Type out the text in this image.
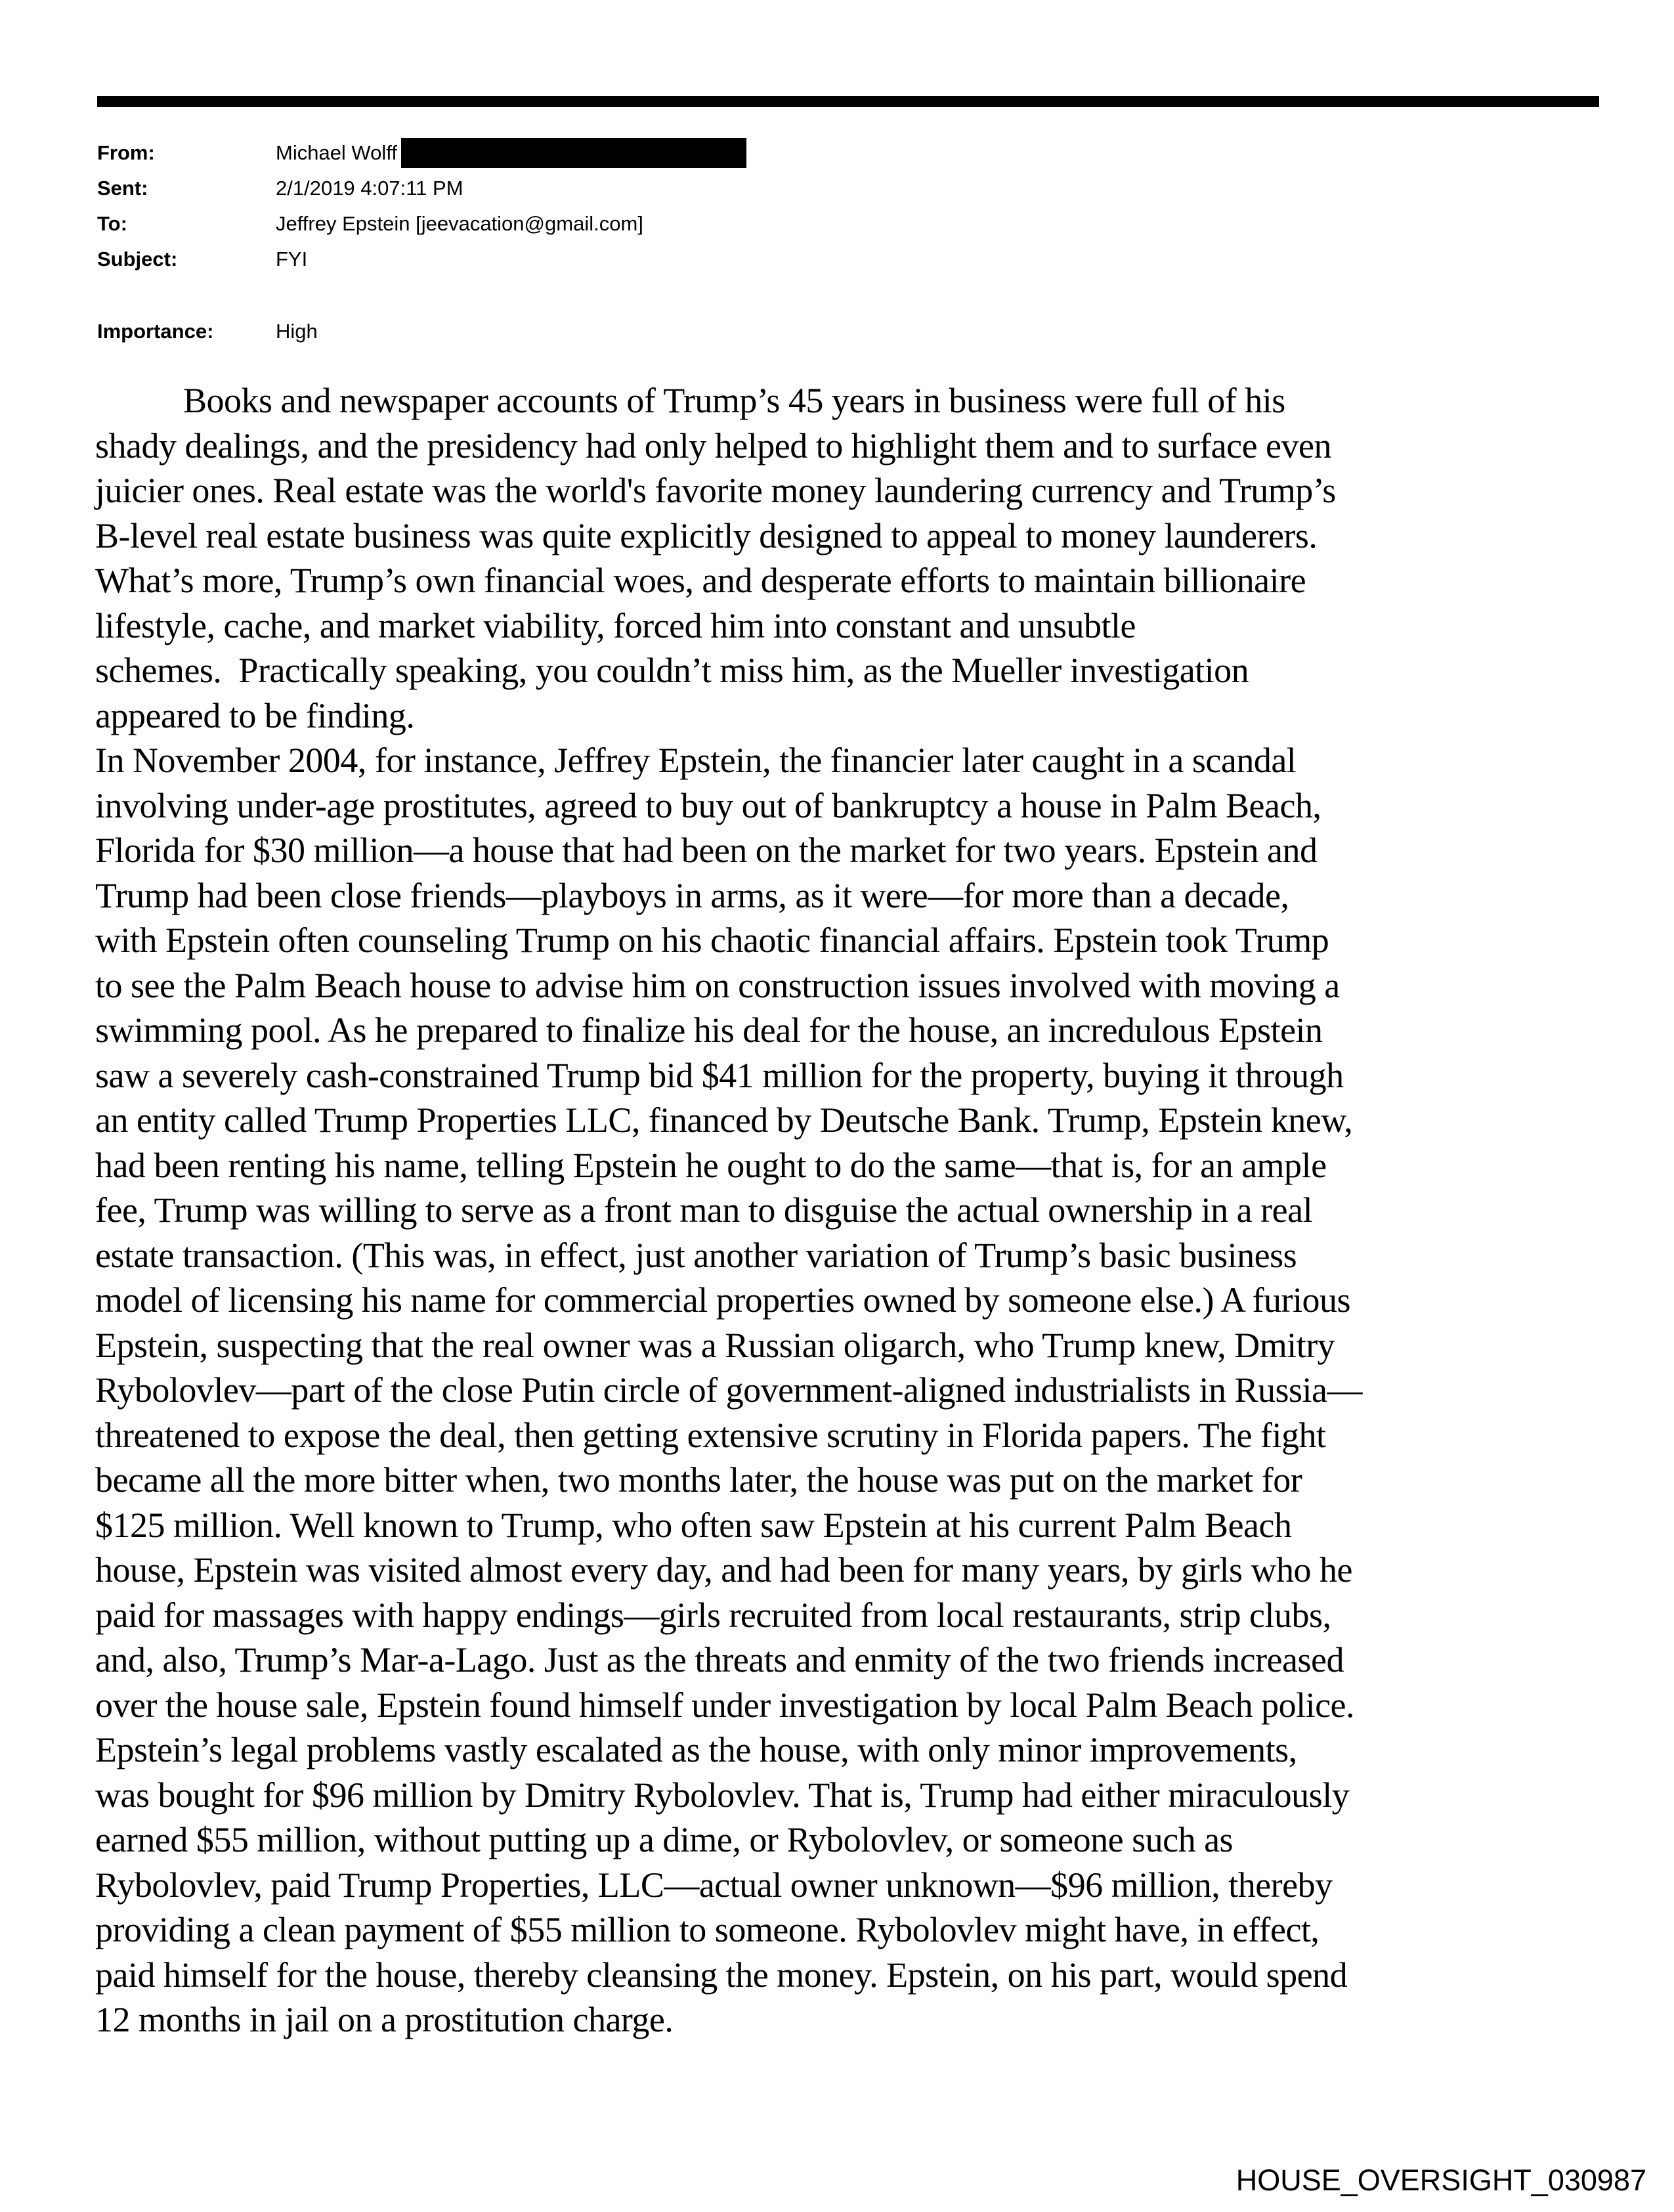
From:	Michael Wolff
Sent:	2/1/2019 4:07:11 PM
To:	Jeffrey Epstein [jeevacation@gmail.com]
Subject:	FYI
Importance:	High
Books and newspaper accounts of Trump’s 45 years in business were full of his
shady dealings, and the presidency had only helped to highlight them and to surface even
juicier ones. Real estate was the world's favorite money laundering currency and Trump’s
B-level real estate business was quite explicitly designed to appeal to money launderers.
What’s more, Trump’s own financial woes, and desperate efforts to maintain billionaire
lifestyle, cache, and market viability, forced him into constant and unsubtle
schemes.  Practically speaking, you couldn’t miss him, as the Mueller investigation
appeared to be finding.
In November 2004, for instance, Jeffrey Epstein, the financier later caught in a scandal
involving under-age prostitutes, agreed to buy out of bankruptcy a house in Palm Beach,
Florida for $30 million—a house that had been on the market for two years. Epstein and
Trump had been close friends—playboys in arms, as it were—for more than a decade,
with Epstein often counseling Trump on his chaotic financial affairs. Epstein took Trump
to see the Palm Beach house to advise him on construction issues involved with moving a
swimming pool. As he prepared to finalize his deal for the house, an incredulous Epstein
saw a severely cash-constrained Trump bid $41 million for the property, buying it through
an entity called Trump Properties LLC, financed by Deutsche Bank. Trump, Epstein knew,
had been renting his name, telling Epstein he ought to do the same—that is, for an ample
fee, Trump was willing to serve as a front man to disguise the actual ownership in a real
estate transaction. (This was, in effect, just another variation of Trump’s basic business
model of licensing his name for commercial properties owned by someone else.) A furious
Epstein, suspecting that the real owner was a Russian oligarch, who Trump knew, Dmitry
Rybolovlev—part of the close Putin circle of government-aligned industrialists in Russia—
threatened to expose the deal, then getting extensive scrutiny in Florida papers. The fight
became all the more bitter when, two months later, the house was put on the market for
$125 million. Well known to Trump, who often saw Epstein at his current Palm Beach
house, Epstein was visited almost every day, and had been for many years, by girls who he
paid for massages with happy endings—girls recruited from local restaurants, strip clubs,
and, also, Trump’s Mar-a-Lago. Just as the threats and enmity of the two friends increased
over the house sale, Epstein found himself under investigation by local Palm Beach police.
Epstein’s legal problems vastly escalated as the house, with only minor improvements,
was bought for $96 million by Dmitry Rybolovlev. That is, Trump had either miraculously
earned $55 million, without putting up a dime, or Rybolovlev, or someone such as
Rybolovlev, paid Trump Properties, LLC—actual owner unknown—$96 million, thereby
providing a clean payment of $55 million to someone. Rybolovlev might have, in effect,
paid himself for the house, thereby cleansing the money. Epstein, on his part, would spend
12 months in jail on a prostitution charge.
HOUSE_OVERSIGHT_030987
